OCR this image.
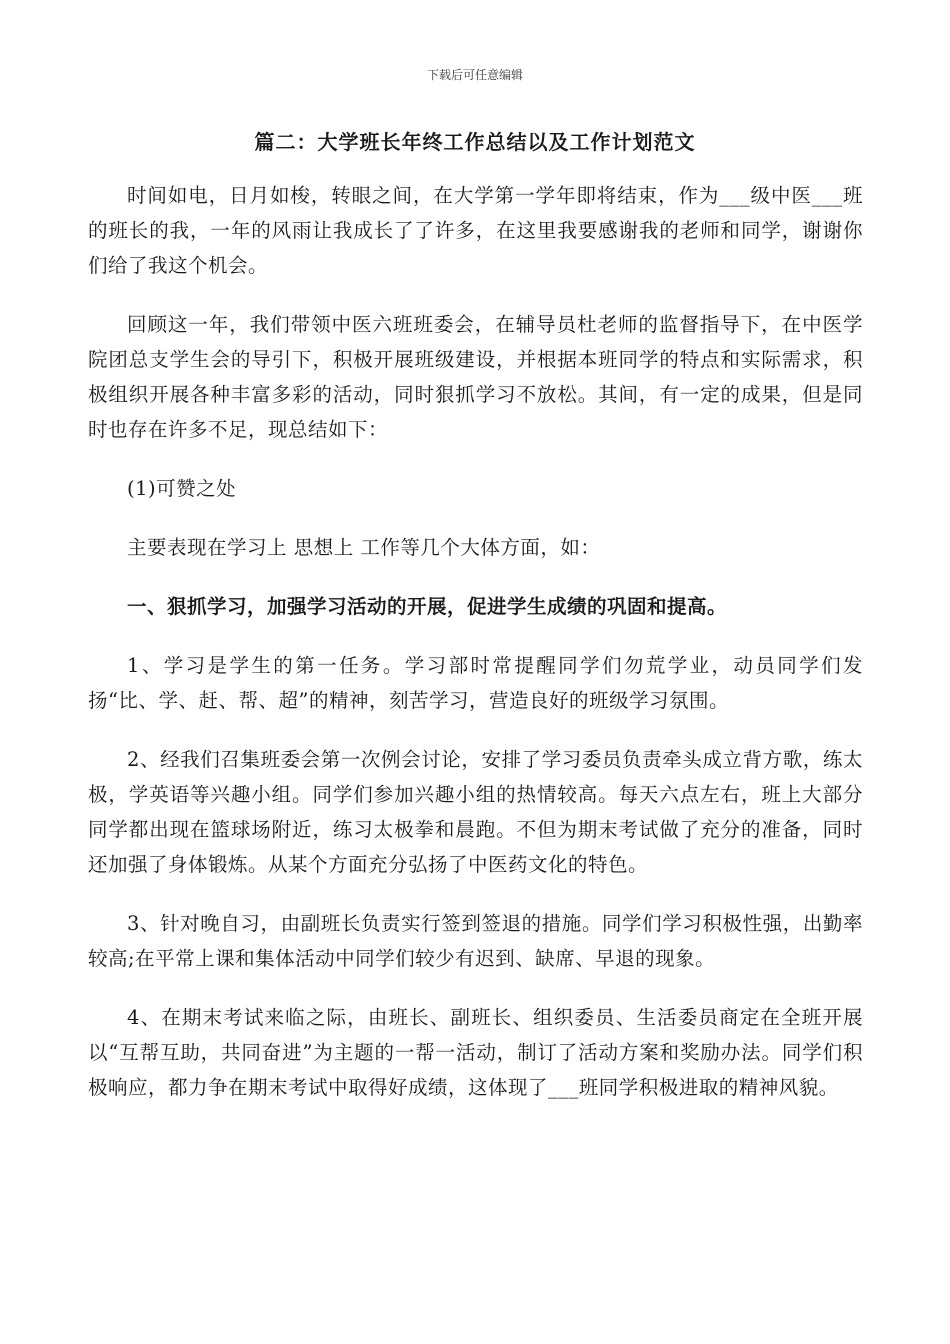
下载后可任意编辑
篇二：大学班长年终工作总结以及工作计划范文

时间如电，日月如梭，转眼之间，在大学第一学年即将结束，作为___级中医___班的班长的我，一年的风雨让我成长了了许多，在这里我要感谢我的老师和同学，谢谢你们给了我这个机会。

回顾这一年，我们带领中医六班班委会，在辅导员杜老师的监督指导下，在中医学院团总支学生会的导引下，积极开展班级建设，并根据本班同学的特点和实际需求，积极组织开展各种丰富多彩的活动，同时狠抓学习不放松。其间，有一定的成果，但是同时也存在许多不足，现总结如下：

(1)可赞之处

主要表现在学习上 思想上 工作等几个大体方面，如：

一、狠抓学习，加强学习活动的开展，促进学生成绩的巩固和提高。

1、学习是学生的第一任务。学习部时常提醒同学们勿荒学业，动员同学们发扬“比、学、赶、帮、超”的精神，刻苦学习，营造良好的班级学习氛围。

2、经我们召集班委会第一次例会讨论，安排了学习委员负责牵头成立背方歌，练太极，学英语等兴趣小组。同学们参加兴趣小组的热情较高。每天六点左右，班上大部分同学都出现在篮球场附近，练习太极拳和晨跑。不但为期末考试做了充分的准备，同时还加强了身体锻炼。从某个方面充分弘扬了中医药文化的特色。

3、针对晚自习，由副班长负责实行签到签退的措施。同学们学习积极性强，出勤率较高;在平常上课和集体活动中同学们较少有迟到、缺席、早退的现象。

4、在期末考试来临之际，由班长、副班长、组织委员、生活委员商定在全班开展以“互帮互助，共同奋进”为主题的一帮一活动，制订了活动方案和奖励办法。同学们积极响应，都力争在期末考试中取得好成绩，这体现了___班同学积极进取的精神风貌。
